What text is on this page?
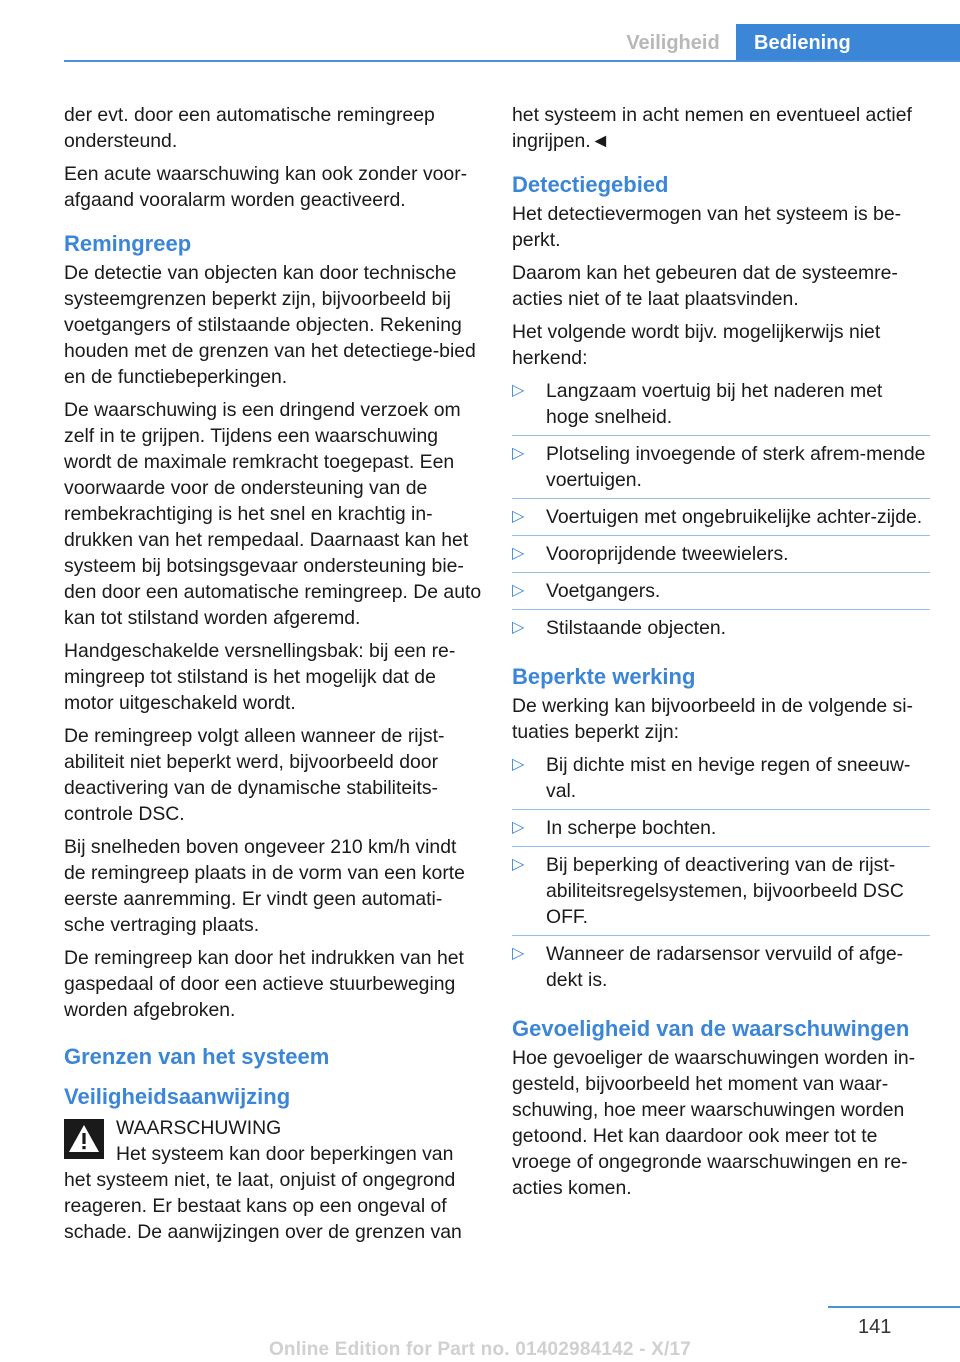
Veiligheid	Bediening

der evt. door een automatische remingreep ondersteund.

Een acute waarschuwing kan ook zonder voor-afgaand vooralarm worden geactiveerd.

Remingreep

De detectie van objecten kan door technische systeemgrenzen beperkt zijn, bijvoorbeeld bij voetgangers of stilstaande objecten. Rekening houden met de grenzen van het detectiege-bied en de functiebeperkingen.

De waarschuwing is een dringend verzoek om zelf in te grijpen. Tijdens een waarschuwing wordt de maximale remkracht toegepast. Een voorwaarde voor de ondersteuning van de rembekrachtiging is het snel en krachtig in-drukken van het rempedaal. Daarnaast kan het systeem bij botsingsgevaar ondersteuning bie-den door een automatische remingreep. De auto kan tot stilstand worden afgeremd.

Handgeschakelde versnellingsbak: bij een re-mingreep tot stilstand is het mogelijk dat de motor uitgeschakeld wordt.

De remingreep volgt alleen wanneer de rijst-abiliteit niet beperkt werd, bijvoorbeeld door deactivering van de dynamische stabiliteits-controle DSC.

Bij snelheden boven ongeveer 210 km/h vindt de remingreep plaats in de vorm van een korte eerste aanremming. Er vindt geen automati-sche vertraging plaats.

De remingreep kan door het indrukken van het gaspedaal of door een actieve stuurbeweging worden afgebroken.

Grenzen van het systeem
Veiligheidsaanwijzing

WAARSCHUWING

Het systeem kan door beperkingen van

het systeem niet, te laat, onjuist of ongegrond reageren. Er bestaat kans op een ongeval of schade. De aanwijzingen over de grenzen van

het systeem in acht nemen en eventueel actief ingrijpen.◄

Detectiegebied

Het detectievermogen van het systeem is be-perkt.

Daarom kan het gebeuren dat de systeemre-acties niet of te laat plaatsvinden.

Het volgende wordt bijv. mogelijkerwijs niet herkend:

▷ Langzaam voertuig bij het naderen met hoge snelheid.
▷ Plotseling invoegende of sterk afrem-mende voertuigen.
▷ Voertuigen met ongebruikelijke achter-zijde.
▷ Vooroprijdende tweewielers.
▷ Voetgangers.
▷ Stilstaande objecten.
Beperkte werking

De werking kan bijvoorbeeld in de volgende si-tuaties beperkt zijn:

▷ Bij dichte mist en hevige regen of sneeuw-val.
▷ In scherpe bochten.
▷ Bij beperking of deactivering van de rijst-abiliteitsregelsystemen, bijvoorbeeld DSC OFF.
▷ Wanneer de radarsensor vervuild of afge-dekt is.
Gevoeligheid van de waarschuwingen

Hoe gevoeliger de waarschuwingen worden in-gesteld, bijvoorbeeld het moment van waar-schuwing, hoe meer waarschuwingen worden getoond. Het kan daardoor ook meer tot te vroege of ongegronde waarschuwingen en re-acties komen.

141
Online Edition for Part no. 01402984142 - X/17
